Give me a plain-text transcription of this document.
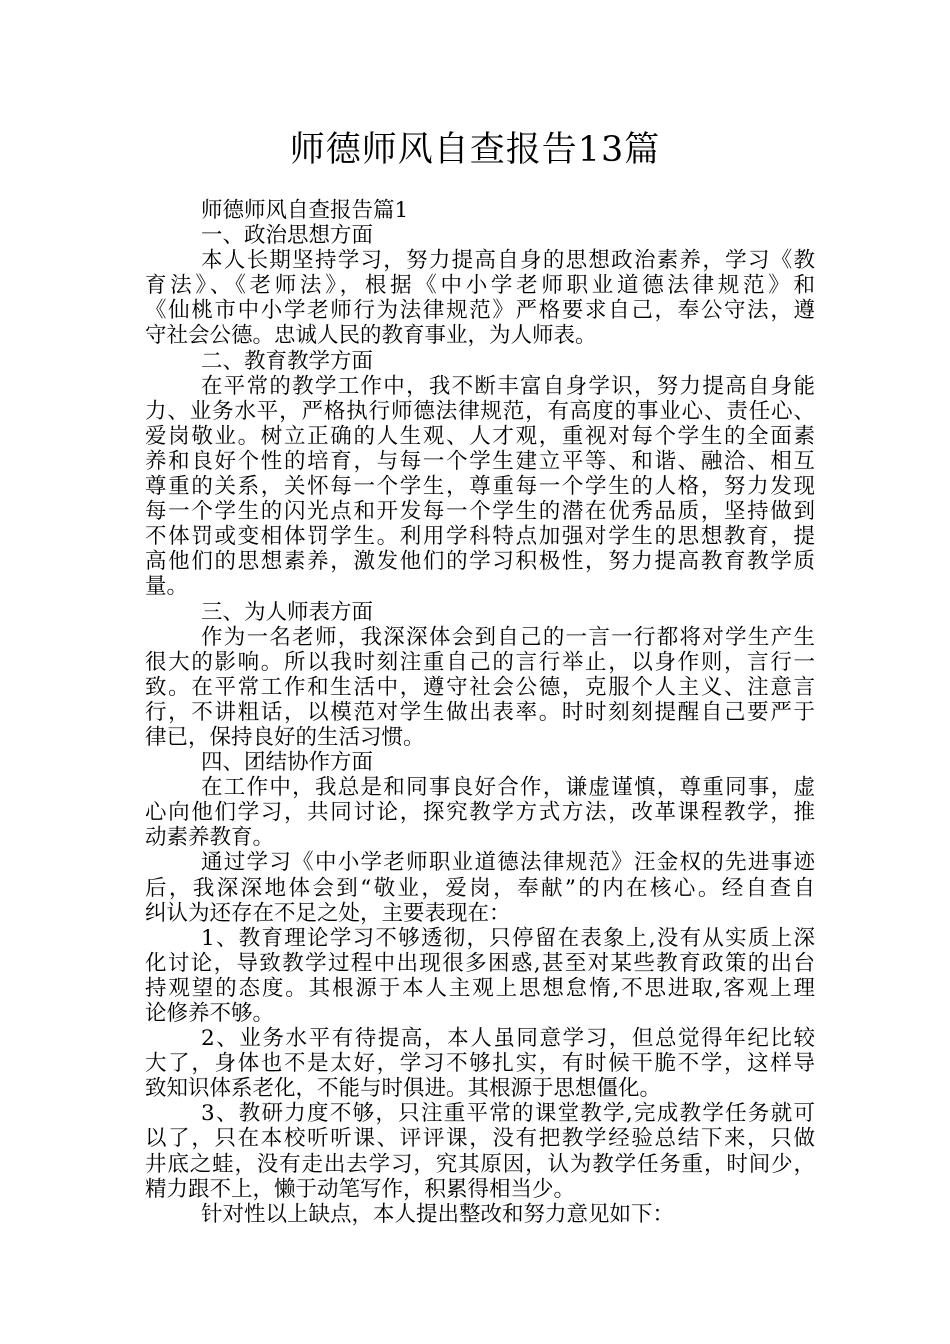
师德师风自查报告13篇

师德师风自查报告篇1

一、政治思想方面

本人长期坚持学习，努力提高自身的思想政治素养，学习《教

育法》、《老师法》，根据《中小学老师职业道德法律规范》和

《仙桃市中小学老师行为法律规范》严格要求自己，奉公守法，遵

守社会公德。忠诚人民的教育事业，为人师表。

二、教育教学方面

在平常的教学工作中，我不断丰富自身学识，努力提高自身能

力、业务水平，严格执行师德法律规范，有高度的事业心、责任心、

爱岗敬业。树立正确的人生观、人才观，重视对每个学生的全面素

养和良好个性的培育，与每一个学生建立平等、和谐、融洽、相互

尊重的关系，关怀每一个学生，尊重每一个学生的人格，努力发现

每一个学生的闪光点和开发每一个学生的潜在优秀品质，坚持做到

不体罚或变相体罚学生。利用学科特点加强对学生的思想教育，提

高他们的思想素养，激发他们的学习积极性，努力提高教育教学质

量。

三、为人师表方面

作为一名老师，我深深体会到自己的一言一行都将对学生产生

很大的影响。所以我时刻注重自己的言行举止，以身作则，言行一

致。在平常工作和生活中，遵守社会公德，克服个人主义、注意言

行，不讲粗话，以模范对学生做出表率。时时刻刻提醒自己要严于

律已，保持良好的生活习惯。

四、团结协作方面

在工作中，我总是和同事良好合作，谦虚谨慎，尊重同事，虚

心向他们学习，共同讨论，探究教学方式方法，改革课程教学，推

动素养教育。

通过学习《中小学老师职业道德法律规范》汪金权的先进事迹

后，我深深地体会到“敬业，爱岗，奉献”的内在核心。经自查自

纠认为还存在不足之处，主要表现在：

1、教育理论学习不够透彻，只停留在表象上,没有从实质上深

化讨论，导致教学过程中出现很多困惑,甚至对某些教育政策的出台

持观望的态度。其根源于本人主观上思想怠惰,不思进取,客观上理

论修养不够。

2、业务水平有待提高，本人虽同意学习，但总觉得年纪比较

大了，身体也不是太好，学习不够扎实，有时候干脆不学，这样导

致知识体系老化，不能与时俱进。其根源于思想僵化。

3、教研力度不够，只注重平常的课堂教学,完成教学任务就可

以了，只在本校听听课、评评课，没有把教学经验总结下来，只做

井底之蛙，没有走出去学习，究其原因，认为教学任务重，时间少，

精力跟不上，懒于动笔写作，积累得相当少。

针对性以上缺点，本人提出整改和努力意见如下：
